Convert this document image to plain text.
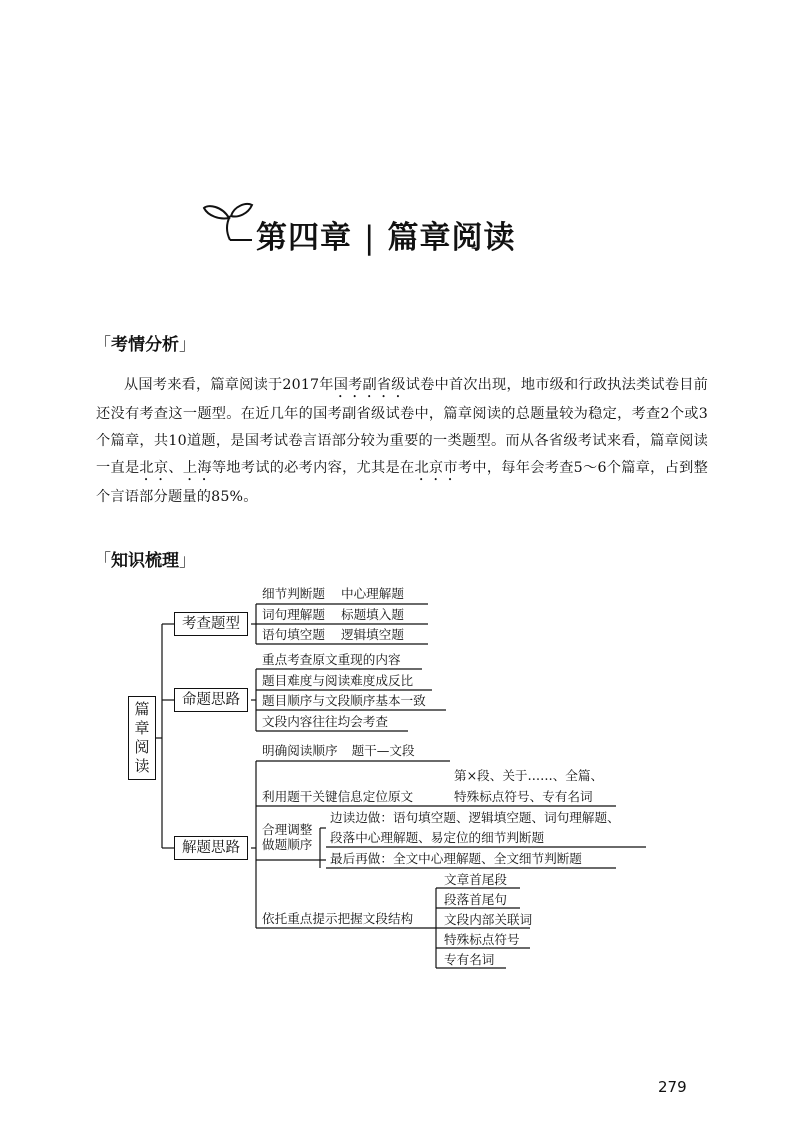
第四章 | 篇章阅读
「考情分析」

从国考来看，篇章阅读于2017年国考副省级试卷中首次出现，地市级和行政执法类试卷目前还没有考查这一题型。在近几年的国考副省级试卷中，篇章阅读的总题量较为稳定，考查2个或3个篇章，共10道题，是国考试卷言语部分较为重要的一类题型。而从各省级考试来看，篇章阅读一直是北京、上海等地考试的必考内容，尤其是在北京市考中，每年会考查5～6个篇章，占到整个言语部分题量的85%。

「知识梳理」
篇
章
阅
读
考查题型
命题思路
解题思路
细节判断题 中心理解题
词句理解题 标题填入题
语句填空题 逻辑填空题
重点考查原文重现的内容
题目难度与阅读难度成反比
题目顺序与文段顺序基本一致
文段内容往往均会考查
明确阅读顺序 题干—文段
第×段、关于……、全篇、
利用题干关键信息定位原文	特殊标点符号、专有名词
合理调整
做题顺序
边读边做：语句填空题、逻辑填空题、词句理解题、
段落中心理解题、易定位的细节判断题
最后再做：全文中心理解题、全文细节判断题
依托重点提示把握文段结构
文章首尾段
段落首尾句
文段内部关联词
特殊标点符号
专有名词
279
